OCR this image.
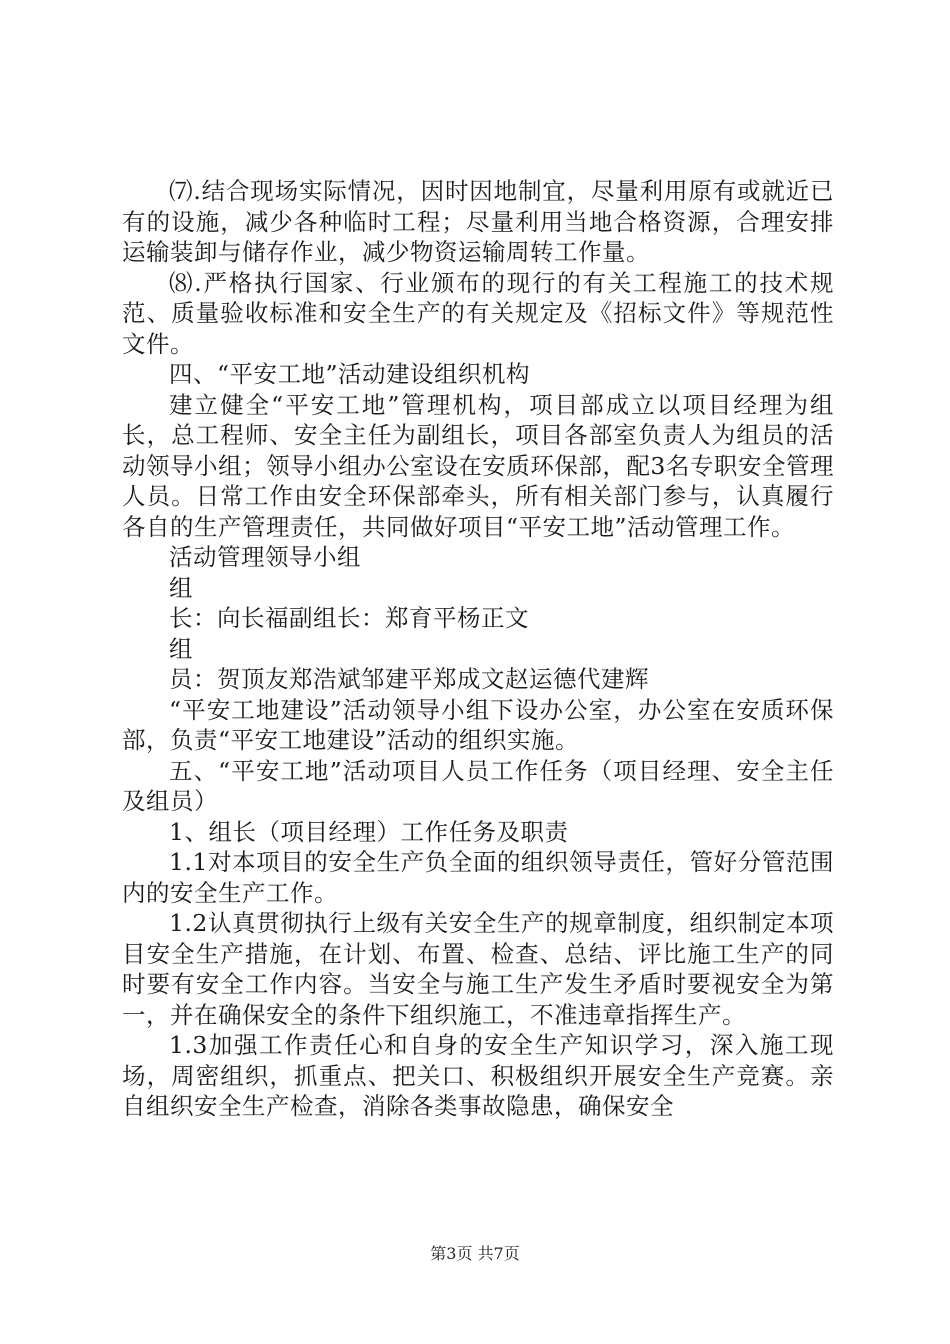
⑺.结合现场实际情况，因时因地制宜，尽量利用原有或就近已有的设施，减少各种临时工程；尽量利用当地合格资源，合理安排运输装卸与储存作业，减少物资运输周转工作量。

⑻.严格执行国家、行业颁布的现行的有关工程施工的技术规范、质量验收标准和安全生产的有关规定及《招标文件》等规范性文件。

四、“平安工地”活动建设组织机构

建立健全“平安工地”管理机构，项目部成立以项目经理为组长，总工程师、安全主任为副组长，项目各部室负责人为组员的活动领导小组；领导小组办公室设在安质环保部，配3名专职安全管理人员。日常工作由安全环保部牵头，所有相关部门参与，认真履行各自的生产管理责任，共同做好项目“平安工地”活动管理工作。

活动管理领导小组

组

长：向长福副组长：郑育平杨正文

组

员：贺顶友郑浩斌邹建平郑成文赵运德代建辉

“平安工地建设”活动领导小组下设办公室，办公室在安质环保部，负责“平安工地建设”活动的组织实施。

五、“平安工地”活动项目人员工作任务（项目经理、安全主任及组员）

1、组长（项目经理）工作任务及职责

1.1对本项目的安全生产负全面的组织领导责任，管好分管范围内的安全生产工作。

1.2认真贯彻执行上级有关安全生产的规章制度，组织制定本项目安全生产措施，在计划、布置、检查、总结、评比施工生产的同时要有安全工作内容。当安全与施工生产发生矛盾时要视安全为第一，并在确保安全的条件下组织施工，不准违章指挥生产。

1.3加强工作责任心和自身的安全生产知识学习，深入施工现场，周密组织，抓重点、把关口、积极组织开展安全生产竞赛。亲自组织安全生产检查，消除各类事故隐患，确保安全

第3页 共7页
